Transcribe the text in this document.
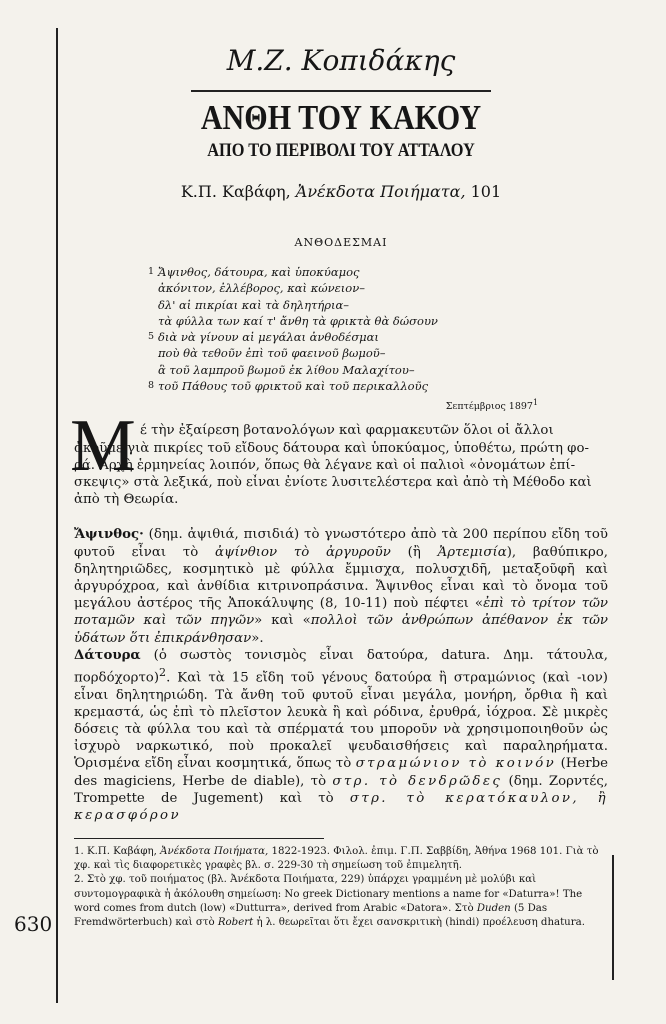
630

Μ.Ζ. Κοπιδάκης

ΑΝΘΗ ΤΟΥ ΚΑΚΟΥ
ΑΠΟ ΤΟ ΠΕΡΙΒΟΛΙ ΤΟΥ ΑΤΤΑΛΟΥ
Κ.Π. Καβάφη, Ἀνέκδοτα Ποιήματα, 101
ΑΝΘΟΔΕΣΜΑΙ
1 Ἄψινθος, δάτουρα, καὶ ὑποκύαμος
ἀκόνιτον, ἐλλέβορος, καὶ κώνειον–
δλ' αἱ πικρίαι καὶ τὰ δηλητήρια–
τὰ φύλλα των καί τ' ἄνθη τὰ φρικτὰ θὰ δώσουν
5 διὰ νὰ γίνουν αἱ μεγάλαι ἀνθοδέσμαι
ποὺ θὰ τεθοῦν ἐπὶ τοῦ φαεινοῦ βωμοῦ–
ἃ τοῦ λαμπροῦ βωμοῦ ἐκ λίθου Μαλαχίτου–
8 τοῦ Πάθους τοῦ φρικτοῦ καὶ τοῦ περικαλλοῦς
Σεπτέμβριος 1897$^1$
Μ έ τὴν ἐξαίρεση βοτανολόγων καὶ φαρμακευτῶν ὅλοι οἱ ἄλλοι
ἀκοῦμε γιὰ πικρίες τοῦ εἴδους δάτουρα καὶ ὑποκύαμος, ὑποθέτω, πρώτη φο-
ρά. Ἀρχὴ ἑρμηνείας λοιπόν, ὅπως θὰ λέγανε καὶ οἱ παλιοὶ «ὀνομάτων ἐπί-
σκεψις» στὰ λεξικά, ποὺ εἶναι ἐνίοτε λυσιτελέστερα καὶ ἀπὸ τὴ Μέθοδο καὶ
ἀπὸ τὴ Θεωρία.
Ἄψινθος· (δημ. ἀψιθιά, πισιδιά) τὸ γνωστότερο ἀπὸ τὰ 200 περίπου εἴδη τοῦ φυτοῦ εἶναι τὸ ἀψίνθιον τὸ ἀργυροῦν (ἢ Ἀρτεμισία), βαθύπικρο, δηλητηριῶδες, κοσμητικὸ μὲ φύλλα ἔμμισχα, πολυσχιδῆ, μεταξοῦφῆ καὶ ἀργυρόχροα, καὶ ἀνθίδια κιτρινοπράσινα. Ἄψινθος εἶναι καὶ τὸ ὄνομα τοῦ μεγάλου ἀστέρος τῆς Ἀποκάλυψης (8, 10-11) ποὺ πέφτει «ἐπὶ τὸ τρίτον τῶν ποταμῶν καὶ τῶν πηγῶν» καὶ «πολλοὶ τῶν ἀνθρώπων ἀπέθανον ἐκ τῶν ὑδάτων ὅτι ἐπικράνθησαν».
Δάτουρα (ὁ σωστὸς τονισμὸς εἶναι δατούρα, datura. Δημ. τάτουλα, πορδόχορτο)$^2$. Καὶ τὰ 15 εἴδη τοῦ γένους δατούρα ἢ στραμώνιος (καὶ -ιον) εἶναι δηλητηριώδη. Τὰ ἄνθη τοῦ φυτοῦ εἶναι μεγάλα, μονήρη, ὄρθια ἢ καὶ κρεμαστά, ὡς ἐπὶ τὸ πλεῖστον λευκὰ ἢ καὶ ρόδινα, ἐρυθρά, ἰόχροα. Σὲ μικρὲς δόσεις τὰ φύλλα του καὶ τὰ σπέρματά του μποροῦν νὰ χρησιμοποιηθοῦν ὡς ἰσχυρὸ ναρκωτικό, ποὺ προκαλεῖ ψευδαισθήσεις καὶ παραληρήματα. Ὁρισμένα εἴδη εἶναι κοσμητικά, ὅπως τὸ στραμώνιον τὸ κοινόν (Herbe des magiciens, Herbe de diable), τὸ στρ. τὸ δενδρῶδες (δημ. Ζορντές, Trompette de Jugement) καὶ τὸ στρ. τὸ κερατόκαυλον, ἢ κερασφόρον

1. Κ.Π. Καβάφη, Ἀνέκδοτα Ποιήματα, 1822-1923. Φιλολ. ἐπιμ. Γ.Π. Σαββίδη, Ἀθήνα 1968 101. Γιὰ τὸ χφ. καὶ τὶς διαφορετικὲς γραφὲς βλ. σ. 229-30 τὴ σημείωση τοῦ ἐπιμελητῆ.

2. Στὸ χφ. τοῦ ποιήματος (βλ. Ἀνέκδοτα Ποιήματα, 229) ὑπάρχει γραμμένη μὲ μολύβι καὶ συντομογραφικὰ ἡ ἀκόλουθη σημείωση: No greek Dictionary mentions a name for «Daturra»! The word comes from dutch (low) «Dutturra», derived from Arabic «Datora». Στὸ Duden (5 Das Fremdwörterbuch) καὶ στὸ Robert ἡ λ. θεωρεῖται ὅτι ἔχει σανσκριτικὴ (hindi) προέλευση dhatura.
